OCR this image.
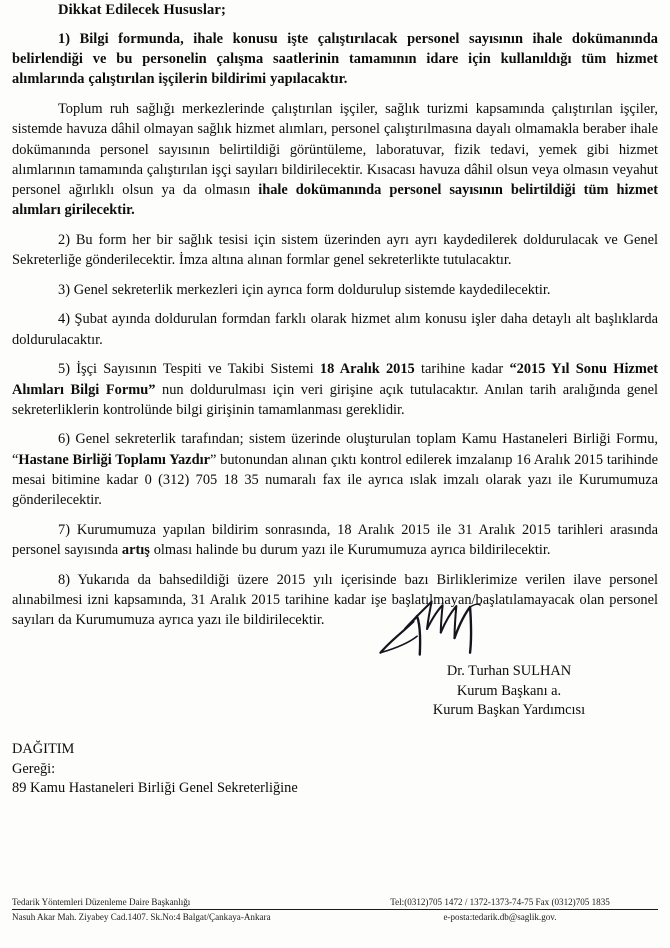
Dikkat Edilecek Hususlar;

1) Bilgi formunda, ihale konusu işte çalıştırılacak personel sayısının ihale dokümanında belirlendiği ve bu personelin çalışma saatlerinin tamamının idare için kullanıldığı tüm hizmet alımlarında çalıştırılan işçilerin bildirimi yapılacaktır.

Toplum ruh sağlığı merkezlerinde çalıştırılan işçiler, sağlık turizmi kapsamında çalıştırılan işçiler, sistemde havuza dâhil olmayan sağlık hizmet alımları, personel çalıştırılmasına dayalı olmamakla beraber ihale dokümanında personel sayısının belirtildiği görüntüleme, laboratuvar, fizik tedavi, yemek gibi hizmet alımlarının tamamında çalıştırılan işçi sayıları bildirilecektir. Kısacası havuza dâhil olsun veya olmasın veyahut personel ağırlıklı olsun ya da olmasın ihale dokümanında personel sayısının belirtildiği tüm hizmet alımları girilecektir.

2) Bu form her bir sağlık tesisi için sistem üzerinden ayrı ayrı kaydedilerek doldurulacak ve Genel Sekreterliğe gönderilecektir. İmza altına alınan formlar genel sekreterlikte tutulacaktır.

3) Genel sekreterlik merkezleri için ayrıca form doldurulup sistemde kaydedilecektir.

4) Şubat ayında doldurulan formdan farklı olarak hizmet alım konusu işler daha detaylı alt başlıklarda doldurulacaktır.

5) İşçi Sayısının Tespiti ve Takibi Sistemi 18 Aralık 2015 tarihine kadar “2015 Yıl Sonu Hizmet Alımları Bilgi Formu” nun doldurulması için veri girişine açık tutulacaktır. Anılan tarih aralığında genel sekreterliklerin kontrolünde bilgi girişinin tamamlanması gereklidir.

6) Genel sekreterlik tarafından; sistem üzerinde oluşturulan toplam Kamu Hastaneleri Birliği Formu, “Hastane Birliği Toplamı Yazdır” butonundan alınan çıktı kontrol edilerek imzalanıp 16 Aralık 2015 tarihinde mesai bitimine kadar 0 (312) 705 18 35 numaralı fax ile ayrıca ıslak imzalı olarak yazı ile Kurumumuza gönderilecektir.

7) Kurumumuza yapılan bildirim sonrasında, 18 Aralık 2015 ile 31 Aralık 2015 tarihleri arasında personel sayısında artış olması halinde bu durum yazı ile Kurumumuza ayrıca bildirilecektir.

8) Yukarıda da bahsedildiği üzere 2015 yılı içerisinde bazı Birliklerimize verilen ilave personel alınabilmesi izni kapsamında, 31 Aralık 2015 tarihine kadar işe başlatılmayan/başlatılamayacak olan personel sayıları da Kurumumuza ayrıca yazı ile bildirilecektir.

Dr. Turhan SULHAN
Kurum Başkanı a.
Kurum Başkan Yardımcısı
DAĞITIM
Gereği:
89 Kamu Hastaneleri Birliği Genel Sekreterliğine
Tedarik Yöntemleri Düzenleme Daire Başkanlığı
Nasuh Akar Mah. Ziyabey Cad.1407. Sk.No:4 Balgat/Çankaya-Ankara
Tel:(0312)705 1472 / 1372-1373-74-75 Fax (0312)705 1835
e-posta:tedarik.db@saglik.gov.
